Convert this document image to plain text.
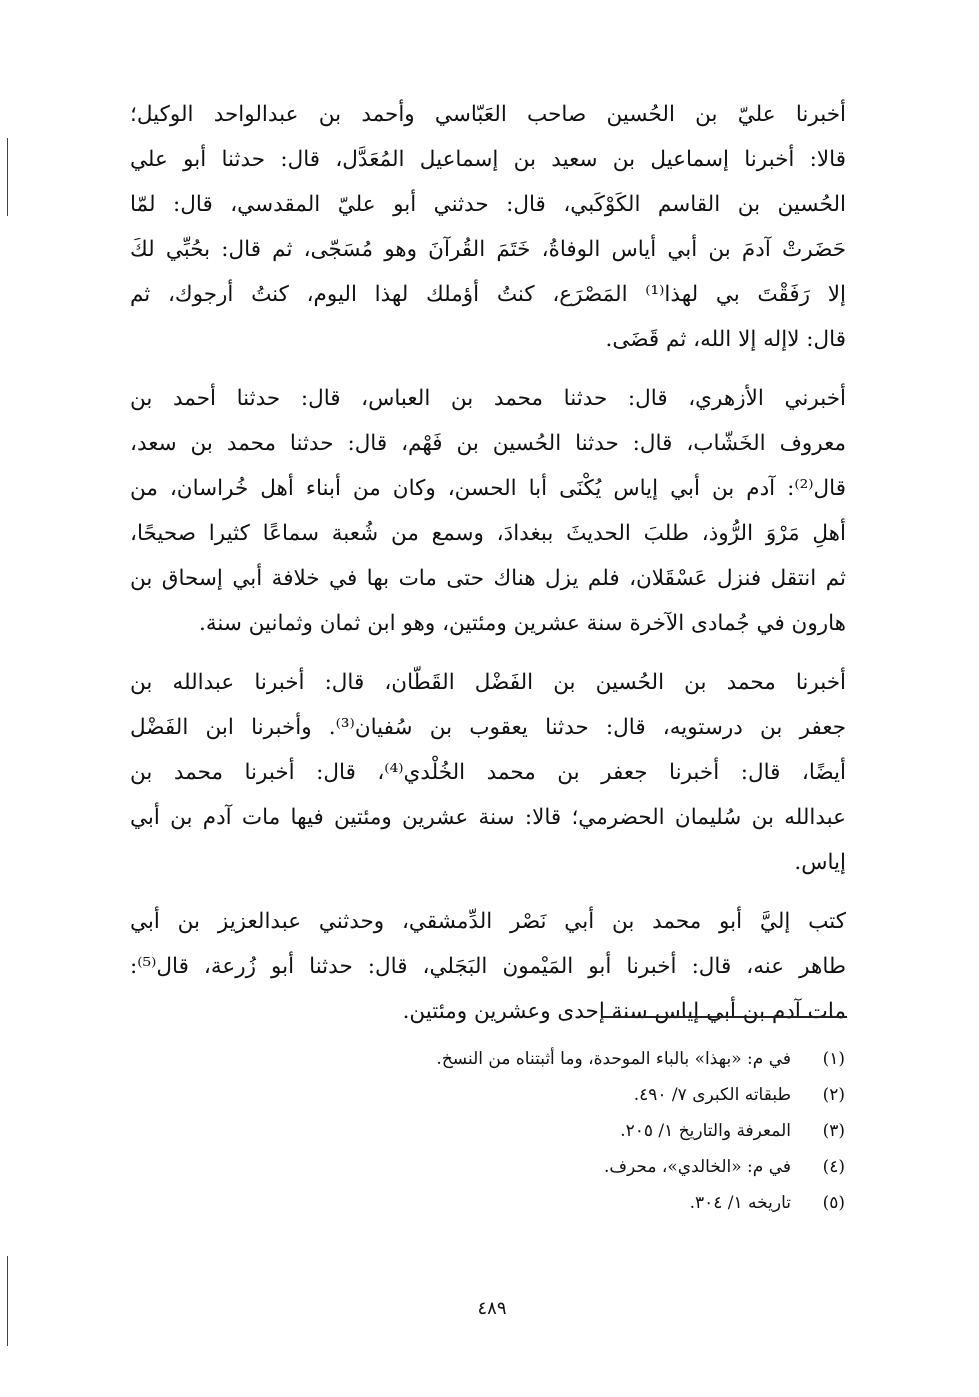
أخبرنا عليّ بن الحُسين صاحب العَبّاسي وأحمد بن عبدالواحد الوكيل؛
قالا: أخبرنا إسماعيل بن سعيد بن إسماعيل المُعَدَّل، قال: حدثنا أبو علي
الحُسين بن القاسم الكَوْكَبي، قال: حدثني أبو عليّ المقدسي، قال: لمّا
حَضَرتْ آدمَ بن أبي أياس الوفاةُ، خَتَمَ القُرآنَ وهو مُسَجّى، ثم قال: بحُبِّي لكَ
إلا رَفَقْتَ بي لهذا⁽¹⁾ المَصْرَع، كنتُ أؤملك لهذا اليوم، كنتُ أرجوك، ثم
قال: لاإله إلا الله، ثم قَضَى.
أخبرني الأزهري، قال: حدثنا محمد بن العباس، قال: حدثنا أحمد بن
معروف الخَشّاب، قال: حدثنا الحُسين بن فَهْم، قال: حدثنا محمد بن سعد،
قال⁽²⁾: آدم بن أبي إياس يُكْنَى أبا الحسن، وكان من أبناء أهل خُراسان، من
أهلِ مَرْوَ الرُّوذ، طلبَ الحديثَ ببغدادَ، وسمع من شُعبة سماعًا كثيرا صحيحًا،
ثم انتقل فنزل عَسْقَلان، فلم يزل هناك حتى مات بها في خلافة أبي إسحاق بن
هارون في جُمادى الآخرة سنة عشرين ومئتين، وهو ابن ثمان وثمانين سنة.
أخبرنا محمد بن الحُسين بن الفَضْل القَطّان، قال: أخبرنا عبدالله بن
جعفر بن درستويه، قال: حدثنا يعقوب بن سُفيان⁽³⁾. وأخبرنا ابن الفَضْل
أيضًا، قال: أخبرنا جعفر بن محمد الخُلْدي⁽⁴⁾، قال: أخبرنا محمد بن
عبدالله بن سُليمان الحضرمي؛ قالا: سنة عشرين ومئتين فيها مات آدم بن أبي
إياس.
كتب إليَّ أبو محمد بن أبي نَصْر الدِّمشقي، وحدثني عبدالعزيز بن أبي
طاهر عنه، قال: أخبرنا أبو المَيْمون البَجَلي، قال: حدثنا أبو زُرعة، قال⁽⁵⁾:
مات آدم بن أبي إياس سنة إحدى وعشرين ومئتين.
(١)
في م: «بهذا» بالباء الموحدة، وما أثبتناه من النسخ.
(٢)
طبقاته الكبرى ٧/ ٤٩٠.
(٣)
المعرفة والتاريخ ١/ ٢٠٥.
(٤)
في م: «الخالدي»، محرف.
(٥)
تاريخه ١/ ٣٠٤.
٤٨٩
